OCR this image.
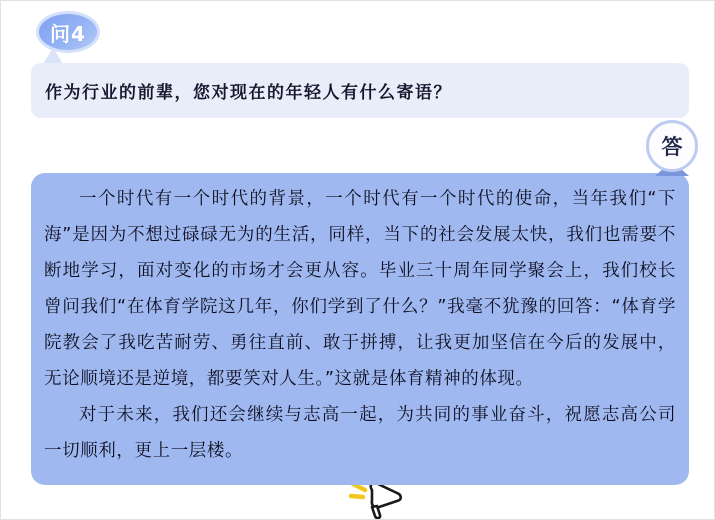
问4
作为行业的前辈，您对现在的年轻人有什么寄语？
答

一个时代有一个时代的背景，一个时代有一个时代的使命，当年我们“下海”是因为不想过碌碌无为的生活，同样，当下的社会发展太快，我们也需要不断地学习，面对变化的市场才会更从容。毕业三十周年同学聚会上，我们校长曾问我们“在体育学院这几年，你们学到了什么？”我毫不犹豫的回答：“体育学院教会了我吃苦耐劳、勇往直前、敢于拼搏，让我更加坚信在今后的发展中，无论顺境还是逆境，都要笑对人生。”这就是体育精神的体现。

对于未来，我们还会继续与志高一起，为共同的事业奋斗，祝愿志高公司一切顺利，更上一层楼。
